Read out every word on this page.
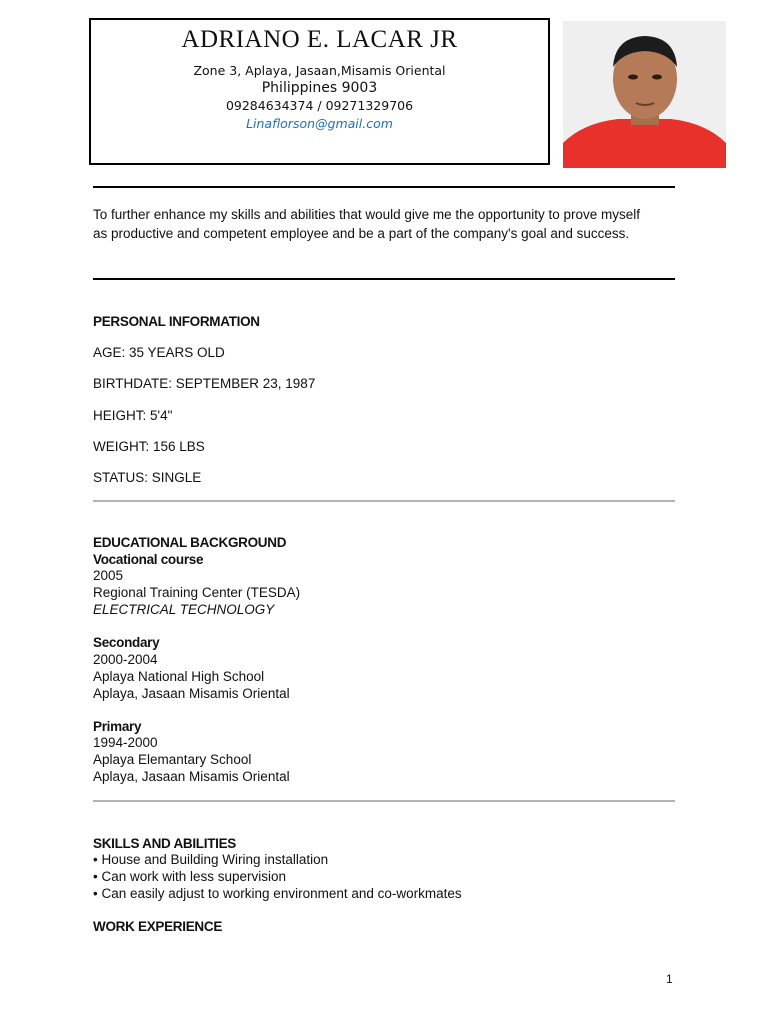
ADRIANO E. LACAR JR
Zone 3, Aplaya, Jasaan,Misamis Oriental
Philippines 9003
09284634374 / 09271329706
Linaflorson@gmail.com
To further enhance my skills and abilities that would give me the opportunity to prove myself as productive and competent employee and be a part of the company's goal and success.
PERSONAL INFORMATION
AGE: 35 YEARS OLD
BIRTHDATE: SEPTEMBER 23, 1987
HEIGHT: 5'4"
WEIGHT: 156 LBS
STATUS: SINGLE
EDUCATIONAL BACKGROUND
Vocational course
2005
Regional Training Center (TESDA)
ELECTRICAL TECHNOLOGY
Secondary
2000-2004
Aplaya National High School
Aplaya, Jasaan Misamis Oriental
Primary
1994-2000
Aplaya Elemantary School
Aplaya, Jasaan Misamis Oriental
SKILLS AND ABILITIES
• House and Building Wiring installation
• Can work with less supervision
• Can easily adjust to working environment and co-workmates
WORK EXPERIENCE
1
